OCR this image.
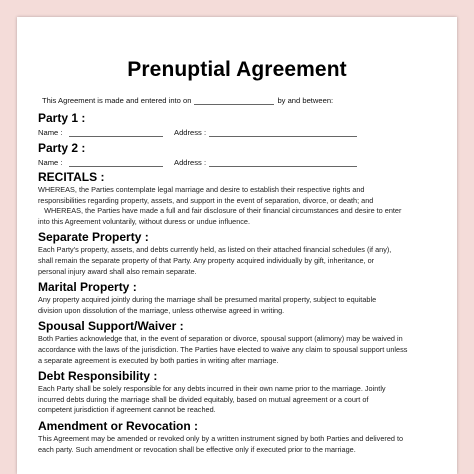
Prenuptial Agreement
This Agreement is made and entered into on	by and between:
Party 1 :
Name :	Address :
Party 2 :
Name :	Address :
RECITALS :
WHEREAS, the Parties contemplate legal marriage and desire to establish their respective rights and
responsibilities regarding property, assets, and support in the event of separation, divorce, or death; and
WHEREAS, the Parties have made a full and fair disclosure of their financial circumstances and desire to enter
into this Agreement voluntarily, without duress or undue influence.
Separate Property :
Each Party's property, assets, and debts currently held, as listed on their attached financial schedules (if any),
shall remain the separate property of that Party. Any property acquired individually by gift, inheritance, or
personal injury award shall also remain separate.
Marital Property :
Any property acquired jointly during the marriage shall be presumed marital property, subject to equitable
division upon dissolution of the marriage, unless otherwise agreed in writing.
Spousal Support/Waiver :
Both Parties acknowledge that, in the event of separation or divorce, spousal support (alimony) may be waived in
accordance with the laws of the jurisdiction. The Parties have elected to waive any claim to spousal support unless
a separate agreement is executed by both parties in writing after marriage.
Debt Responsibility :
Each Party shall be solely responsible for any debts incurred in their own name prior to the marriage. Jointly
incurred debts during the marriage shall be divided equitably, based on mutual agreement or a court of
competent jurisdiction if agreement cannot be reached.
Amendment or Revocation :
This Agreement may be amended or revoked only by a written instrument signed by both Parties and delivered to
each party. Such amendment or revocation shall be effective only if executed prior to the marriage.
